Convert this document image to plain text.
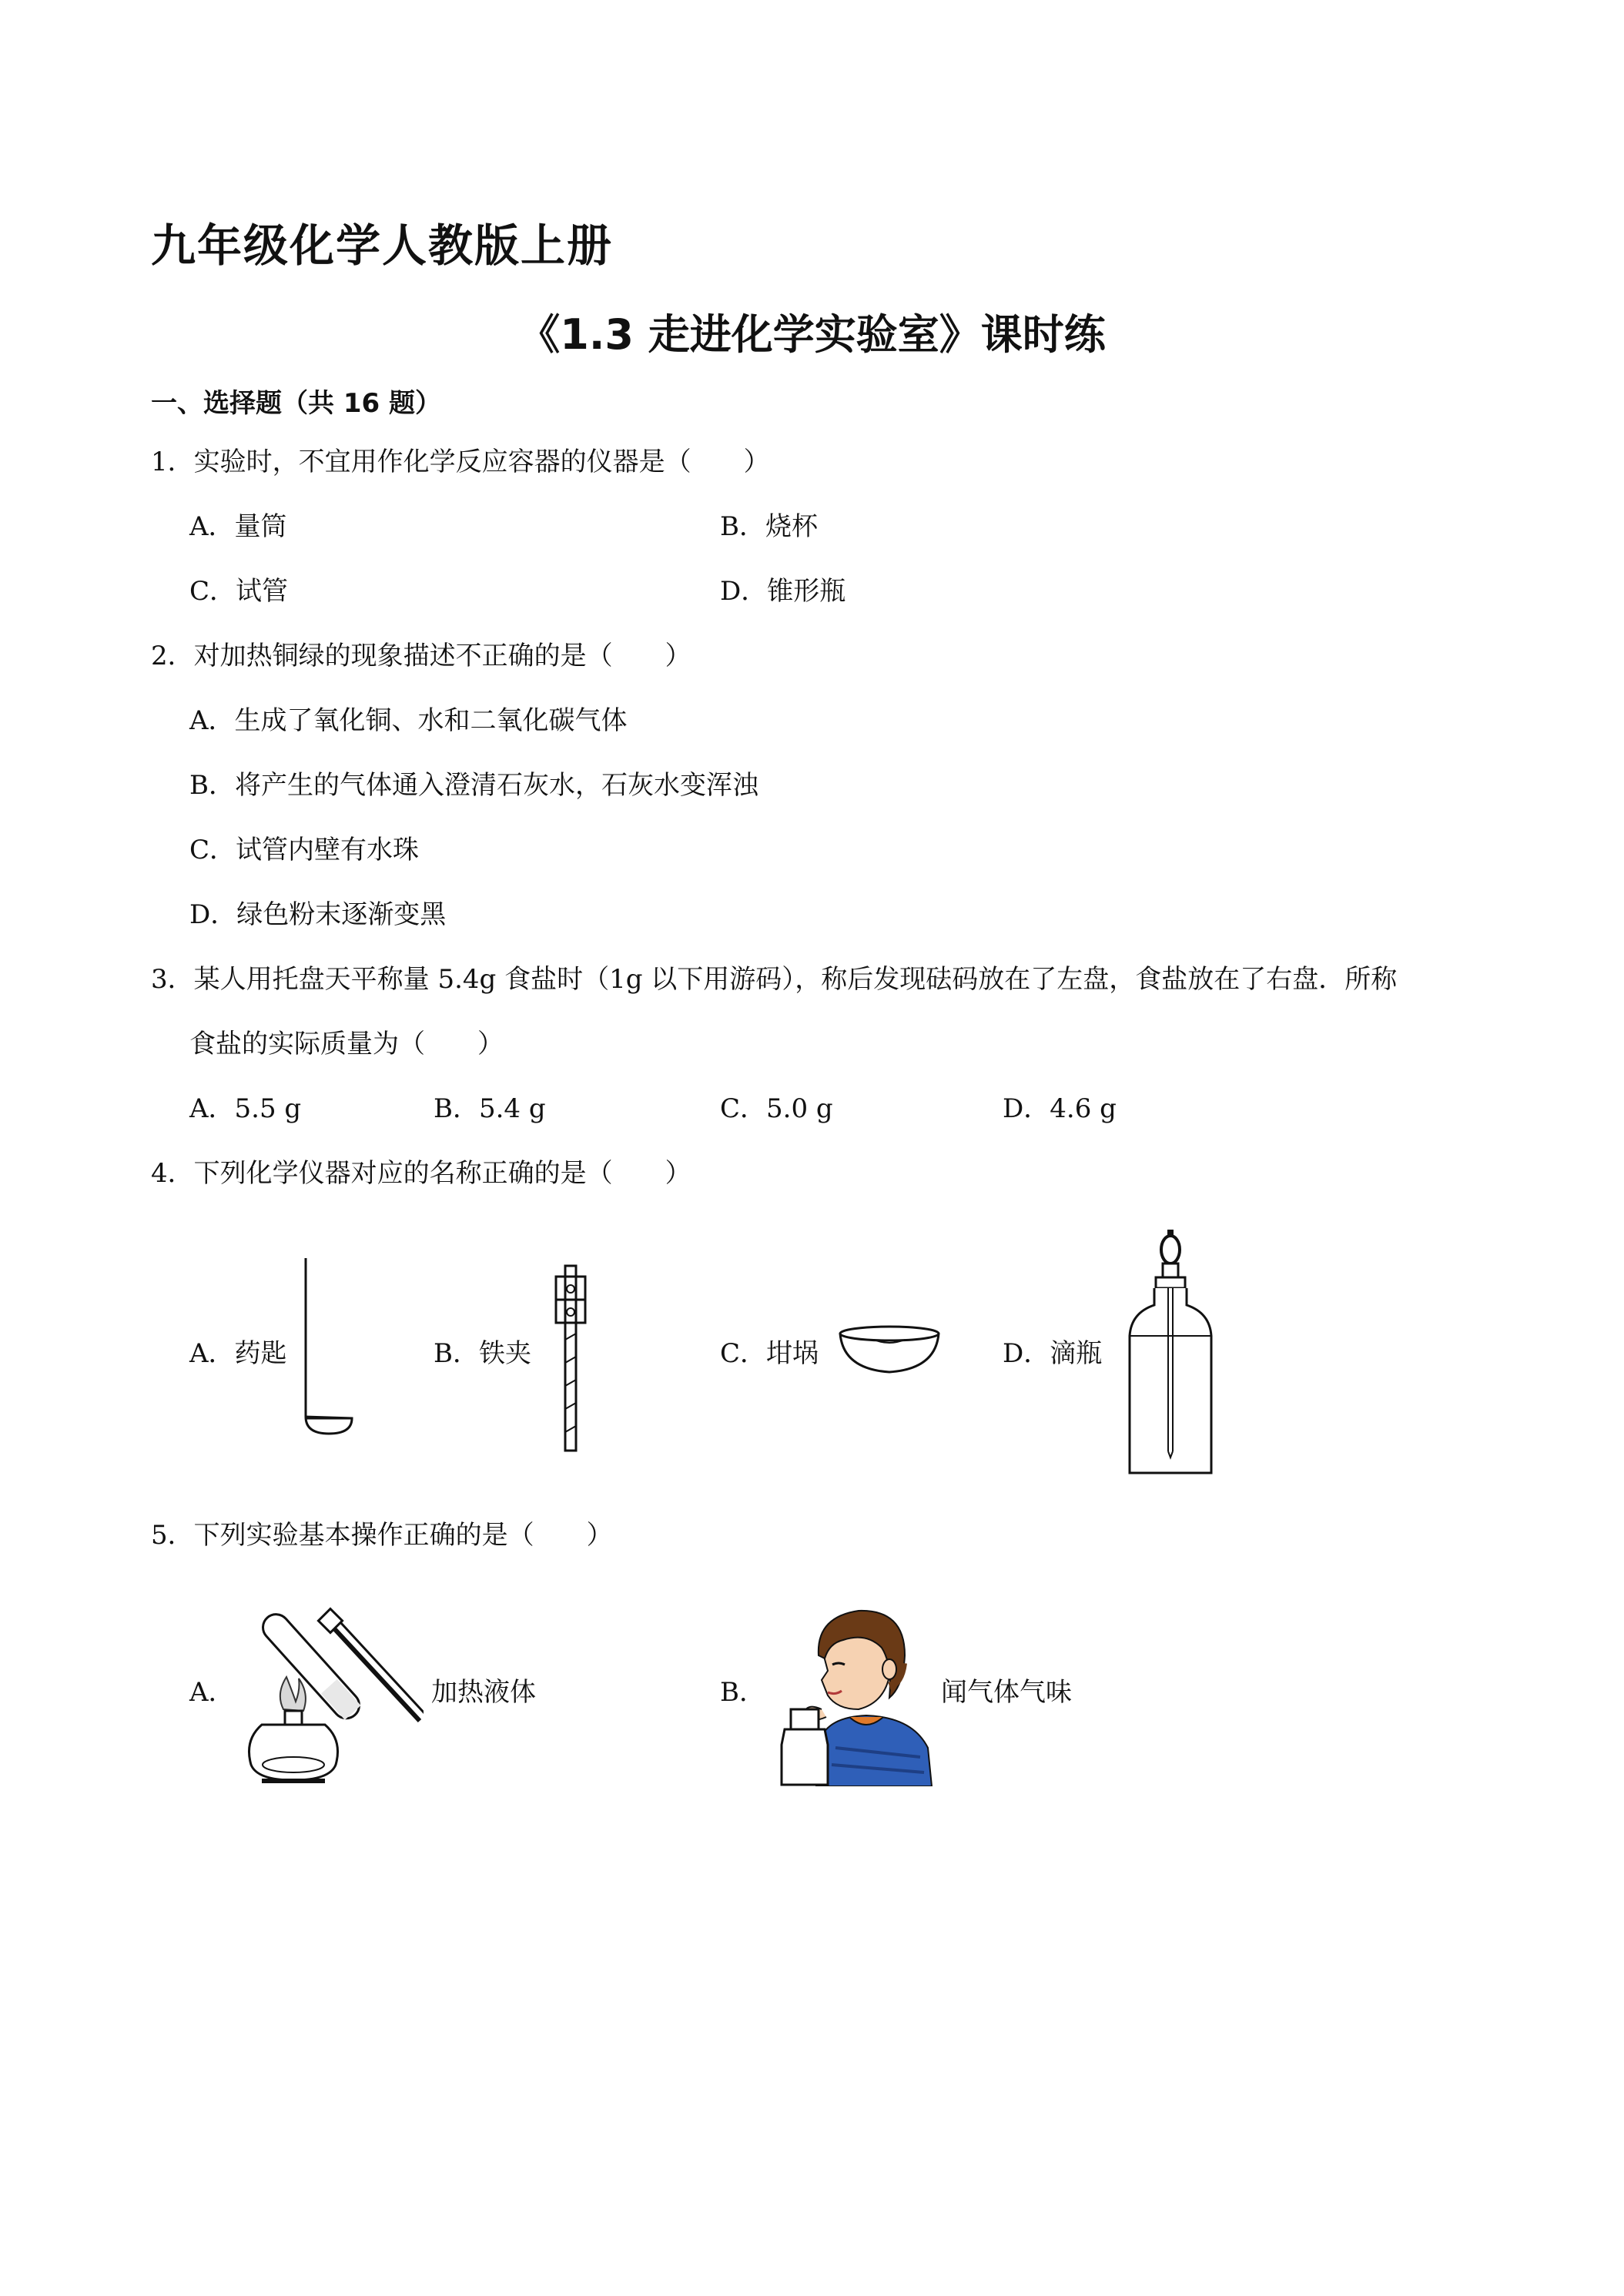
九年级化学人教版上册
《1.3 走进化学实验室》课时练
一、选择题（共 16 题）
1．实验时，不宜用作化学反应容器的仪器是（　　）
A．量筒	B．烧杯
C．试管	D．锥形瓶
2．对加热铜绿的现象描述不正确的是（　　）
A．生成了氧化铜、水和二氧化碳气体
B．将产生的气体通入澄清石灰水，石灰水变浑浊
C．试管内壁有水珠
D．绿色粉末逐渐变黑
3．某人用托盘天平称量 5.4g 食盐时（1g 以下用游码），称后发现砝码放在了左盘，食盐放在了右盘．所称
食盐的实际质量为（　　）
A．5.5 g	B．5.4 g	C．5.0 g	D．4.6 g
4．下列化学仪器对应的名称正确的是（　　）
A．药匙	B．铁夹	C．坩埚	D．滴瓶
5．下列实验基本操作正确的是（　　）
A．	加热液体	B．	闻气体气味
